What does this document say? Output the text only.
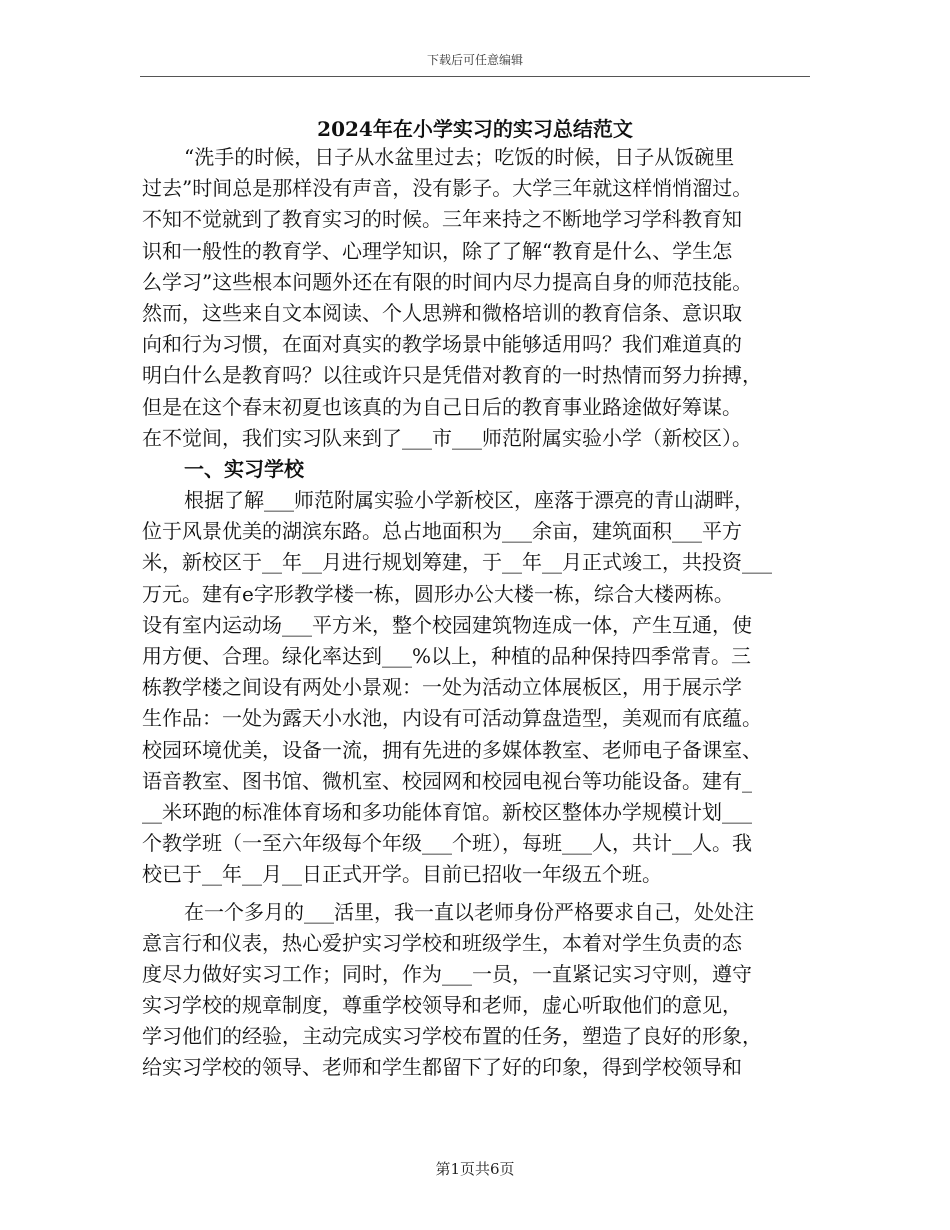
下载后可任意编辑
2024年在小学实习的实习总结范文
“洗手的时候，日子从水盆里过去；吃饭的时候，日子从饭碗里
过去”时间总是那样没有声音，没有影子。大学三年就这样悄悄溜过。
不知不觉就到了教育实习的时候。三年来持之不断地学习学科教育知
识和一般性的教育学、心理学知识，除了了解“教育是什么、学生怎
么学习”这些根本问题外还在有限的时间内尽力提高自身的师范技能。
然而，这些来自文本阅读、个人思辨和微格培训的教育信条、意识取
向和行为习惯，在面对真实的教学场景中能够适用吗？我们难道真的
明白什么是教育吗？以往或许只是凭借对教育的一时热情而努力拚搏，
但是在这个春末初夏也该真的为自己日后的教育事业路途做好筹谋。
在不觉间，我们实习队来到了___市___师范附属实验小学（新校区）。
一、实习学校
根据了解___师范附属实验小学新校区，座落于漂亮的青山湖畔，
位于风景优美的湖滨东路。总占地面积为___余亩，建筑面积___平方
米，新校区于__年__月进行规划筹建，于__年__月正式竣工，共投资___
万元。建有e字形教学楼一栋，圆形办公大楼一栋，综合大楼两栋。
设有室内运动场___平方米，整个校园建筑物连成一体，产生互通，使
用方便、合理。绿化率达到___%以上，种植的品种保持四季常青。三
栋教学楼之间设有两处小景观：一处为活动立体展板区，用于展示学
生作品：一处为露天小水池，内设有可活动算盘造型，美观而有底蕴。
校园环境优美，设备一流，拥有先进的多媒体教室、老师电子备课室、
语音教室、图书馆、微机室、校园网和校园电视台等功能设备。建有_
__米环跑的标准体育场和多功能体育馆。新校区整体办学规模计划___
个教学班（一至六年级每个年级___个班），每班___人，共计__人。我
校已于__年__月__日正式开学。目前已招收一年级五个班。
在一个多月的___活里，我一直以老师身份严格要求自己，处处注
意言行和仪表，热心爱护实习学校和班级学生，本着对学生负责的态
度尽力做好实习工作；同时，作为___一员，一直紧记实习守则，遵守
实习学校的规章制度，尊重学校领导和老师，虚心听取他们的意见，
学习他们的经验，主动完成实习学校布置的任务，塑造了良好的形象，
给实习学校的领导、老师和学生都留下了好的印象，得到学校领导和
第1页共6页
